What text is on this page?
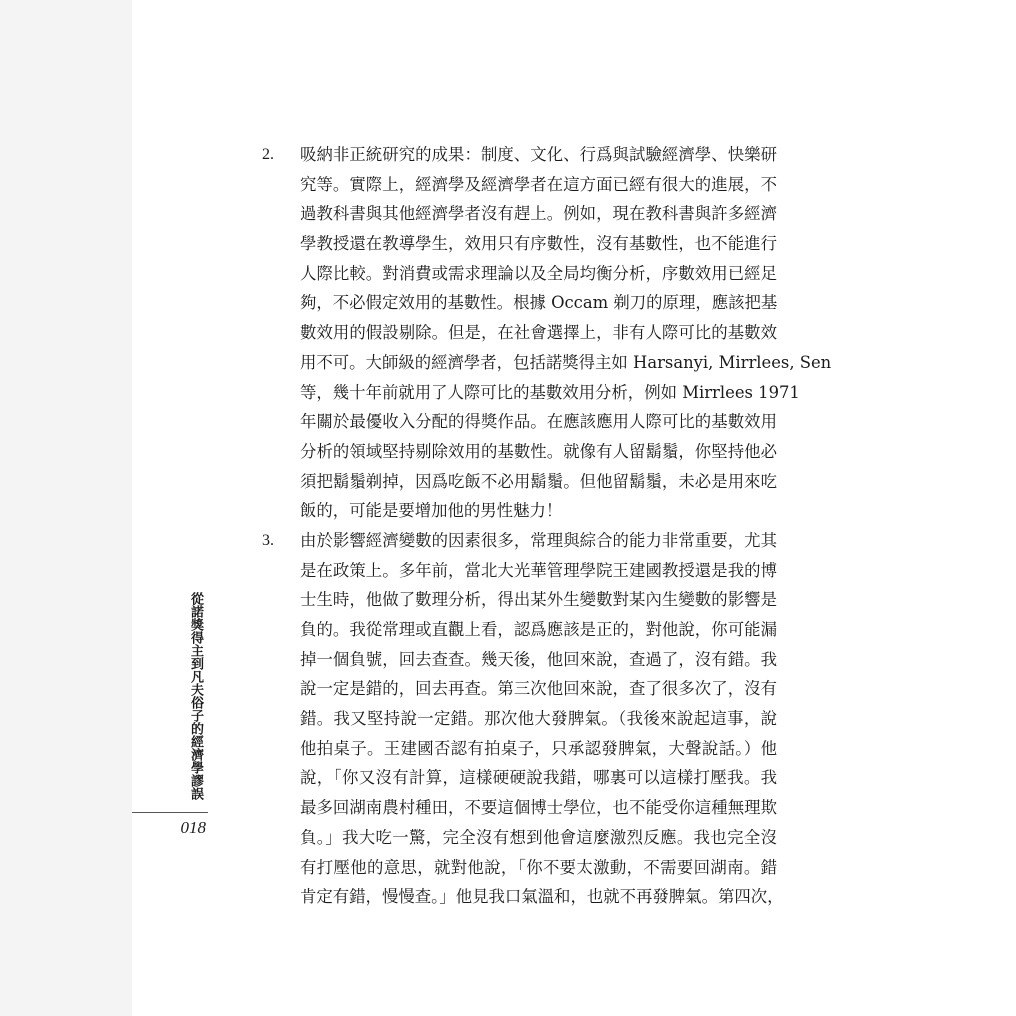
2.	吸納非正統研究的成果：制度、文化、行爲與試驗經濟學、快樂研
究等。實際上，經濟學及經濟學者在這方面已經有很大的進展，不
過教科書與其他經濟學者沒有趕上。例如，現在教科書與許多經濟
學教授還在教導學生，效用只有序數性，沒有基數性，也不能進行
人際比較。對消費或需求理論以及全局均衡分析，序數效用已經足
夠，不必假定效用的基數性。根據 Occam 剃刀的原理，應該把基
數效用的假設剔除。但是，在社會選擇上，非有人際可比的基數效
用不可。大師級的經濟學者，包括諾獎得主如 Harsanyi, Mirrlees, Sen
等，幾十年前就用了人際可比的基數效用分析，例如 Mirrlees 1971
年關於最優收入分配的得獎作品。在應該應用人際可比的基數效用
分析的領域堅持剔除效用的基數性。就像有人留鬍鬚，你堅持他必
須把鬍鬚剃掉，因爲吃飯不必用鬍鬚。但他留鬍鬚，未必是用來吃
飯的，可能是要增加他的男性魅力！
3.	由於影響經濟變數的因素很多，常理與綜合的能力非常重要，尤其
是在政策上。多年前，當北大光華管理學院王建國教授還是我的博
士生時，他做了數理分析，得出某外生變數對某內生變數的影響是
負的。我從常理或直觀上看，認爲應該是正的，對他說，你可能漏
掉一個負號，回去查查。幾天後，他回來說，查過了，沒有錯。我
說一定是錯的，回去再查。第三次他回來說，查了很多次了，沒有
錯。我又堅持說一定錯。那次他大發脾氣。（我後來說起這事，說
他拍桌子。王建國否認有拍桌子，只承認發脾氣，大聲說話。）他
說，「你又沒有計算，這樣硬硬說我錯，哪裏可以這樣打壓我。我
最多回湖南農村種田，不要這個博士學位，也不能受你這種無理欺
負。」我大吃一驚，完全沒有想到他會這麼激烈反應。我也完全沒
有打壓他的意思，就對他說，「你不要太激動，不需要回湖南。錯
肯定有錯，慢慢查。」他見我口氣溫和，也就不再發脾氣。第四次，
從諾獎得主到凡夫俗子的經濟學謬誤
018
